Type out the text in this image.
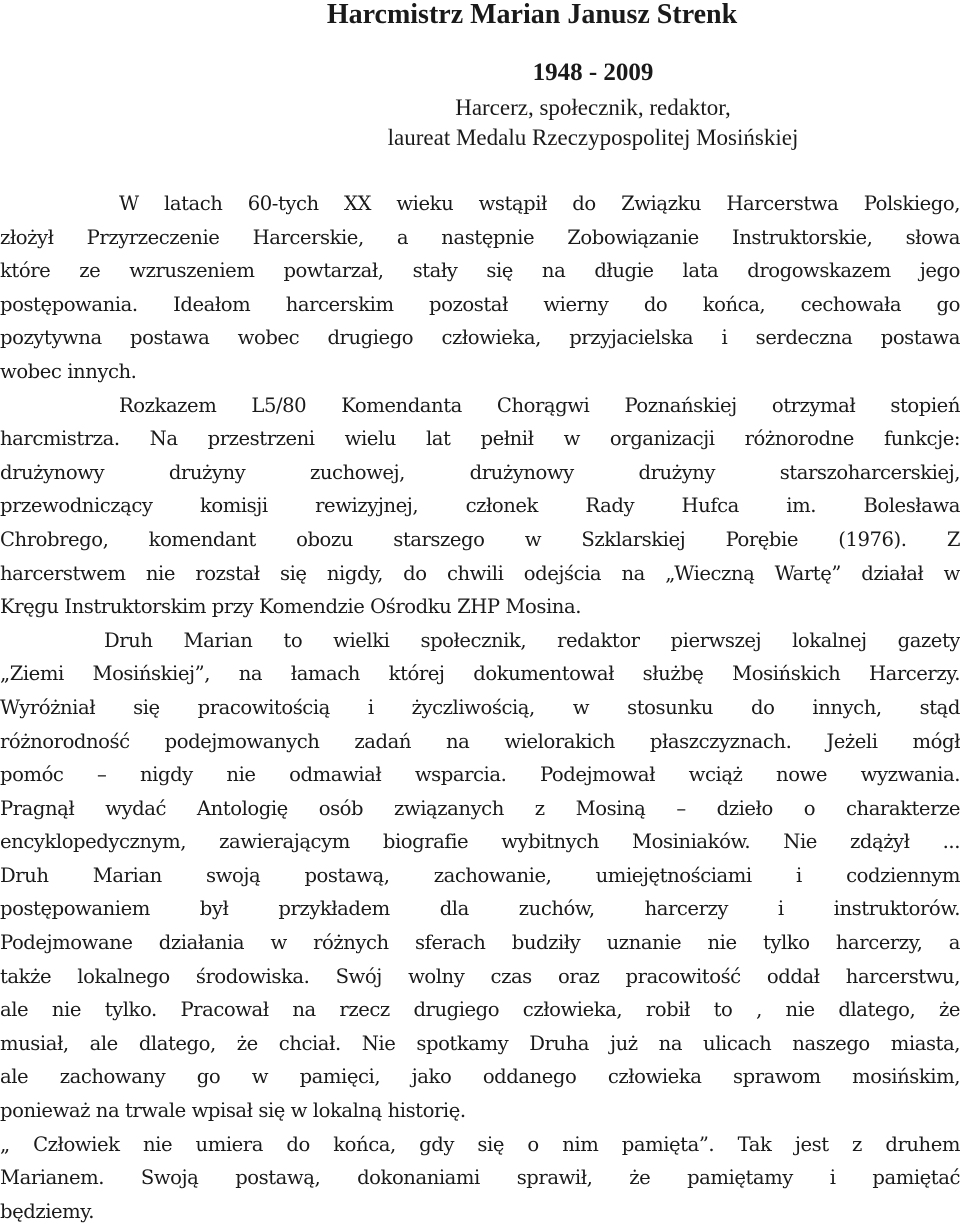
Harcmistrz Marian Janusz Strenk
1948 - 2009
Harcerz, społecznik, redaktor,
laureat Medalu Rzeczypospolitej Mosińskiej
W latach 60-tych XX wieku wstąpił do Związku Harcerstwa Polskiego,
złożył Przyrzeczenie Harcerskie, a następnie Zobowiązanie Instruktorskie, słowa
które ze wzruszeniem powtarzał, stały się na długie lata drogowskazem jego
postępowania. Ideałom harcerskim pozostał wierny do końca, cechowała go
pozytywna postawa wobec drugiego człowieka, przyjacielska i serdeczna postawa
wobec innych.
Rozkazem L5/80 Komendanta Chorągwi Poznańskiej otrzymał stopień
harcmistrza. Na przestrzeni wielu lat pełnił w organizacji różnorodne funkcje:
drużynowy drużyny zuchowej, drużynowy drużyny starszoharcerskiej,
przewodniczący komisji rewizyjnej, członek Rady Hufca im. Bolesława
Chrobrego, komendant obozu starszego w Szklarskiej Porębie (1976). Z
harcerstwem nie rozstał się nigdy, do chwili odejścia na „Wieczną Wartę” działał w
Kręgu Instruktorskim przy Komendzie Ośrodku ZHP Mosina.
Druh Marian to wielki społecznik, redaktor pierwszej lokalnej gazety
„Ziemi Mosińskiej”, na łamach której dokumentował służbę Mosińskich Harcerzy.
Wyróżniał się pracowitością i życzliwością, w stosunku do innych, stąd
różnorodność podejmowanych zadań na wielorakich płaszczyznach. Jeżeli mógł
pomóc – nigdy nie odmawiał wsparcia. Podejmował wciąż nowe wyzwania.
Pragnął wydać Antologię osób związanych z Mosiną – dzieło o charakterze
encyklopedycznym, zawierającym biografie wybitnych Mosiniaków. Nie zdążył ...
Druh Marian swoją postawą, zachowanie, umiejętnościami i codziennym
postępowaniem był przykładem dla zuchów, harcerzy i instruktorów.
Podejmowane działania w różnych sferach budziły uznanie nie tylko harcerzy, a
także lokalnego środowiska. Swój wolny czas oraz pracowitość oddał harcerstwu,
ale nie tylko. Pracował na rzecz drugiego człowieka, robił to , nie dlatego, że
musiał, ale dlatego, że chciał. Nie spotkamy Druha już na ulicach naszego miasta,
ale zachowany go w pamięci, jako oddanego człowieka sprawom mosińskim,
ponieważ na trwale wpisał się w lokalną historię.
„ Człowiek nie umiera do końca, gdy się o nim pamięta”. Tak jest z druhem
Marianem. Swoją postawą, dokonaniami sprawił, że pamiętamy i pamiętać
będziemy.
